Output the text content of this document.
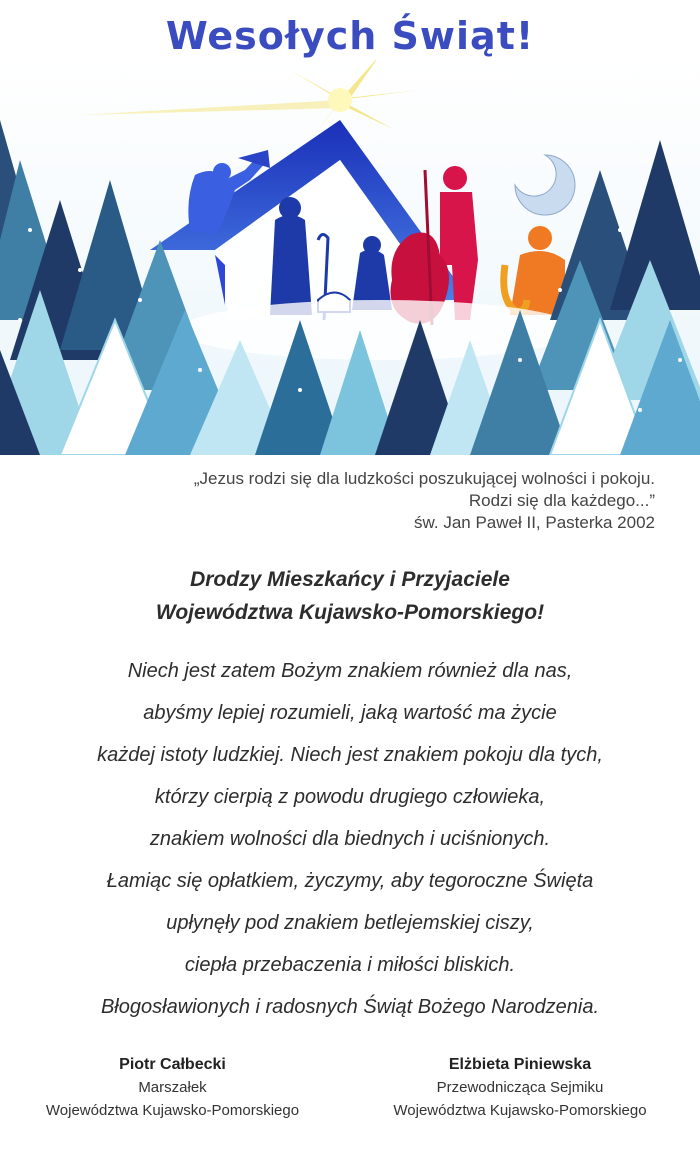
Wesołych Świąt!
„Jezus rodzi się dla ludzkości poszukującej wolności i pokoju.
Rodzi się dla każdego...”
św. Jan Paweł II, Pasterka 2002
Drodzy Mieszkańcy i Przyjaciele
Województwa Kujawsko-Pomorskiego!
Niech jest zatem Bożym znakiem również dla nas,
abyśmy lepiej rozumieli, jaką wartość ma życie
każdej istoty ludzkiej. Niech jest znakiem pokoju dla tych,
którzy cierpią z powodu drugiego człowieka,
znakiem wolności dla biednych i uciśnionych.
Łamiąc się opłatkiem, życzymy, aby tegoroczne Święta
upłynęły pod znakiem betlejemskiej ciszy,
ciepła przebaczenia i miłości bliskich.
Błogosławionych i radosnych Świąt Bożego Narodzenia.
Piotr Całbecki
Marszałek
Województwa Kujawsko-Pomorskiego
Elżbieta Piniewska
Przewodnicząca Sejmiku
Województwa Kujawsko-Pomorskiego
